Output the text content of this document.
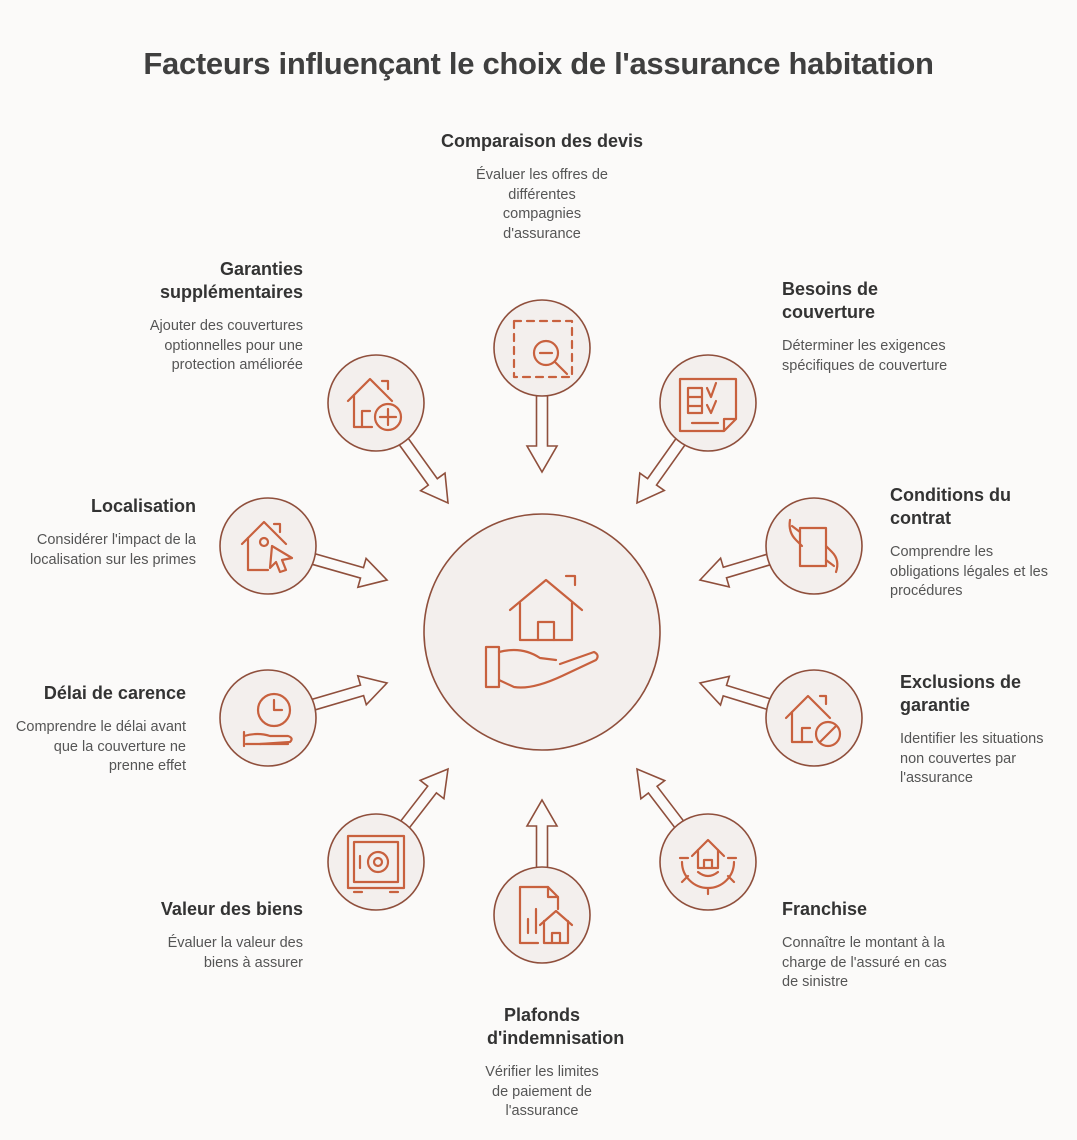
Facteurs influençant le choix de l'assurance habitation

Comparaison des devis

Évaluer les offres de différentes compagnies d'assurance

Besoins de couverture

Déterminer les exigences spécifiques de couverture

Conditions du contrat

Comprendre les obligations légales et les procédures

Exclusions de garantie

Identifier les situations non couvertes par l'assurance

Franchise

Connaître le montant à la charge de l'assuré en cas de sinistre

Plafonds d'indemnisation

Vérifier les limites de paiement de l'assurance

Valeur des biens

Évaluer la valeur des biens à assurer

Délai de carence

Comprendre le délai avant que la couverture ne prenne effet

Localisation

Considérer l'impact de la localisation sur les primes

Garanties supplémentaires

Ajouter des couvertures optionnelles pour une protection améliorée
